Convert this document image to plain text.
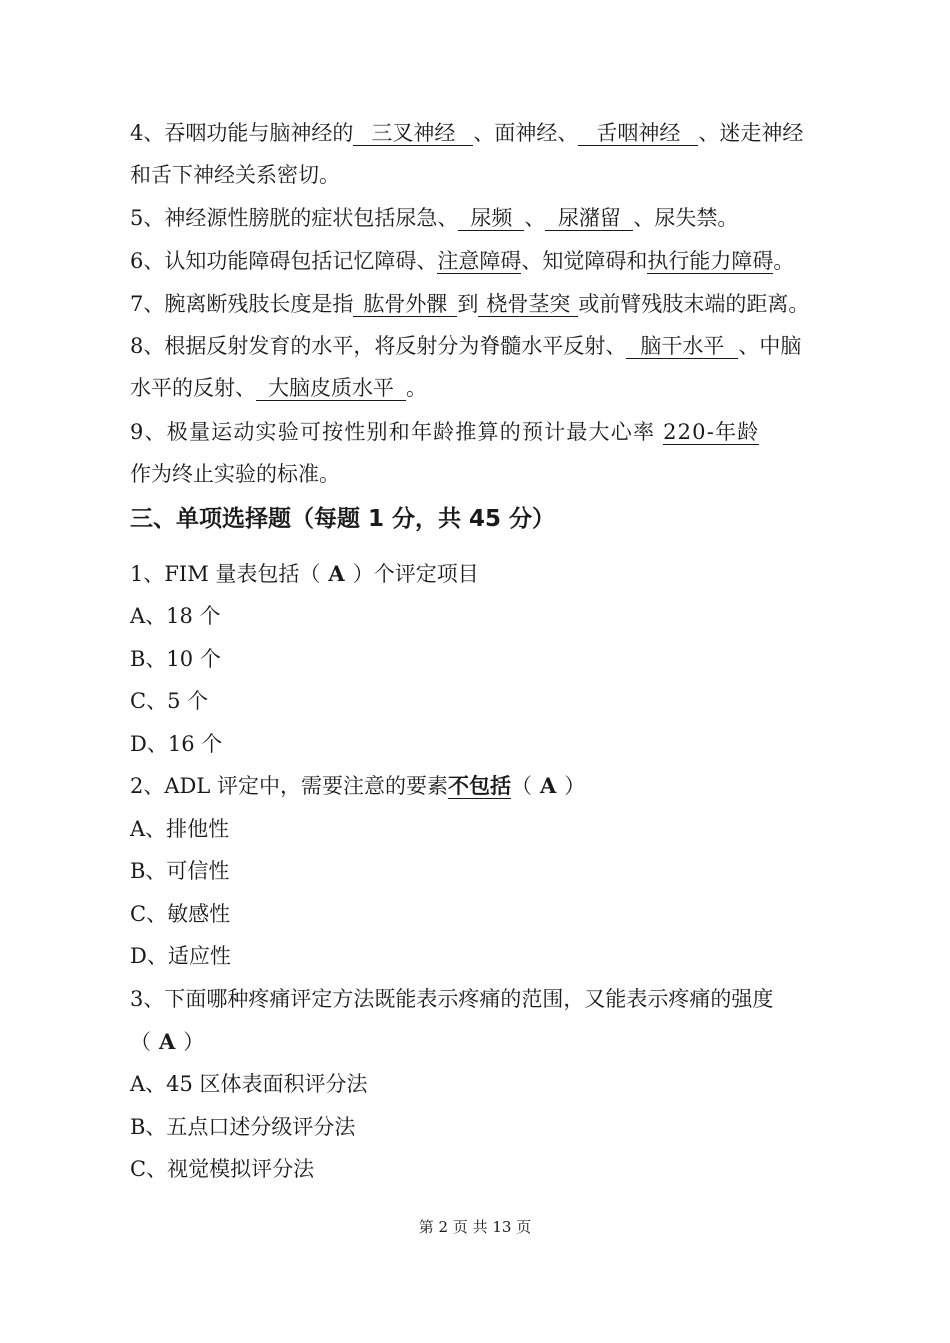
4、吞咽功能与脑神经的 三叉神经 、面神经、 舌咽神经 、迷走神经
和舌下神经关系密切。
5、神经源性膀胱的症状包括尿急、 尿频 、 尿潴留 、尿失禁。
6、认知功能障碍包括记忆障碍、注意障碍、知觉障碍和执行能力障碍。
7、腕离断残肢长度是指 肱骨外髁 到 桡骨茎突 或前臂残肢末端的距离。
8、根据反射发育的水平，将反射分为脊髓水平反射、 脑干水平 、中脑
水平的反射、 大脑皮质水平 。
9、极量运动实验可按性别和年龄推算的预计最大心率 220-年龄
作为终止实验的标准。
三、单项选择题（每题 1 分，共 45 分）
1、FIM 量表包括（ A ）个评定项目
A、18 个
B、10 个
C、5 个
D、16 个
2、ADL 评定中，需要注意的要素不包括（ A ）
A、排他性
B、可信性
C、敏感性
D、适应性
3、下面哪种疼痛评定方法既能表示疼痛的范围，又能表示疼痛的强度
（ A ）
A、45 区体表面积评分法
B、五点口述分级评分法
C、视觉模拟评分法
第 2 页 共 13 页
